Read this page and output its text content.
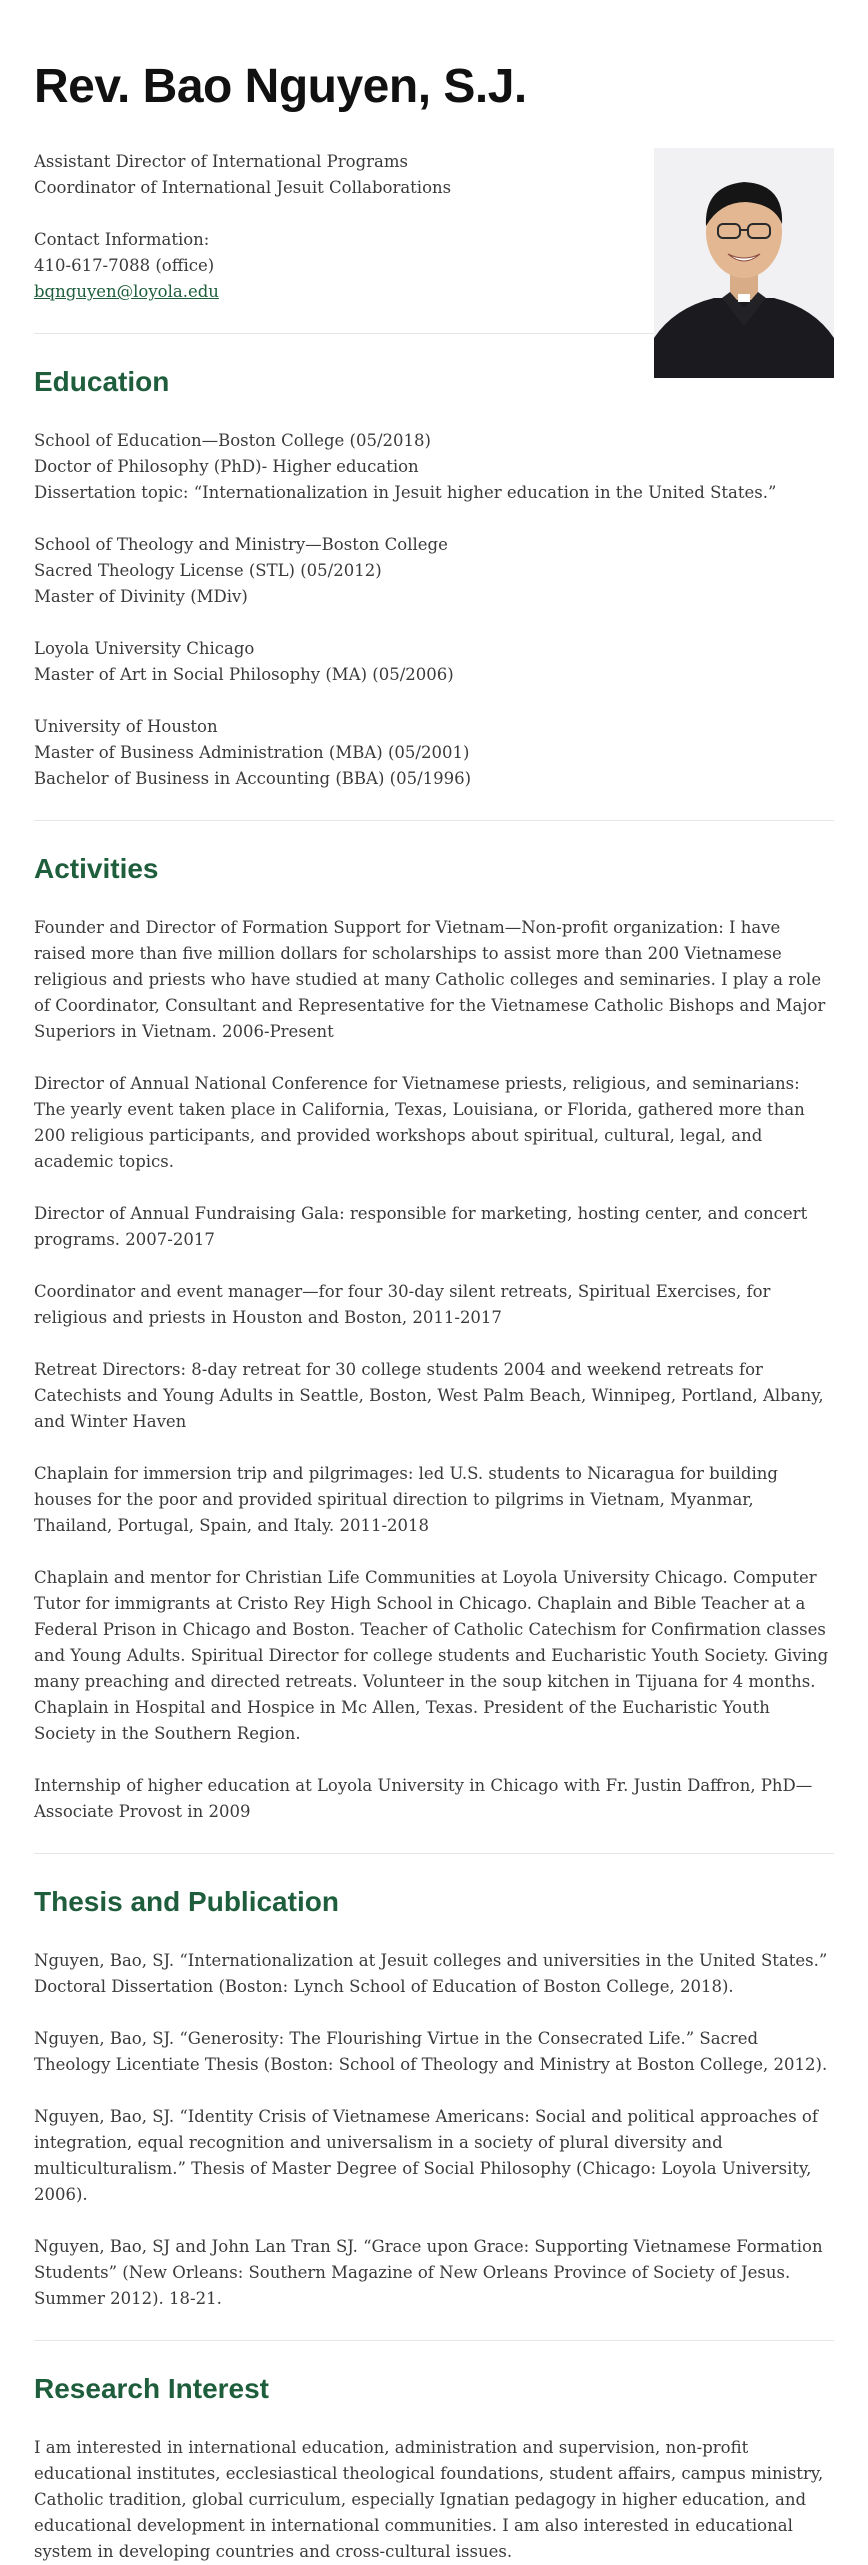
Rev. Bao Nguyen, S.J.

Assistant Director of International Programs

Coordinator of International Jesuit Collaborations

Contact Information:

410-617-7088 (office)

bqnguyen@loyola.edu

Education

School of Education—Boston College (05/2018)

Doctor of Philosophy (PhD)- Higher education

Dissertation topic: “Internationalization in Jesuit higher education in the United States.”

School of Theology and Ministry—Boston College

Sacred Theology License (STL) (05/2012)

Master of Divinity (MDiv)

Loyola University Chicago

Master of Art in Social Philosophy (MA) (05/2006)

University of Houston

Master of Business Administration (MBA) (05/2001)

Bachelor of Business in Accounting (BBA) (05/1996)

Activities

Founder and Director of Formation Support for Vietnam—Non-profit organization: I have raised more than five million dollars for scholarships to assist more than 200 Vietnamese religious and priests who have studied at many Catholic colleges and seminaries. I play a role of Coordinator, Consultant and Representative for the Vietnamese Catholic Bishops and Major Superiors in Vietnam. 2006-Present

Director of Annual National Conference for Vietnamese priests, religious, and seminarians: The yearly event taken place in California, Texas, Louisiana, or Florida, gathered more than 200 religious participants, and provided workshops about spiritual, cultural, legal, and academic topics.

Director of Annual Fundraising Gala: responsible for marketing, hosting center, and concert programs. 2007-2017

Coordinator and event manager—for four 30-day silent retreats, Spiritual Exercises, for religious and priests in Houston and Boston, 2011-2017

Retreat Directors: 8-day retreat for 30 college students 2004 and weekend retreats for Catechists and Young Adults in Seattle, Boston, West Palm Beach, Winnipeg, Portland, Albany, and Winter Haven

Chaplain for immersion trip and pilgrimages: led U.S. students to Nicaragua for building houses for the poor and provided spiritual direction to pilgrims in Vietnam, Myanmar, Thailand, Portugal, Spain, and Italy. 2011-2018

Chaplain and mentor for Christian Life Communities at Loyola University Chicago. Computer Tutor for immigrants at Cristo Rey High School in Chicago. Chaplain and Bible Teacher at a Federal Prison in Chicago and Boston. Teacher of Catholic Catechism for Confirmation classes and Young Adults. Spiritual Director for college students and Eucharistic Youth Society. Giving many preaching and directed retreats. Volunteer in the soup kitchen in Tijuana for 4 months. Chaplain in Hospital and Hospice in Mc Allen, Texas. President of the Eucharistic Youth Society in the Southern Region.

Internship of higher education at Loyola University in Chicago with Fr. Justin Daffron, PhD—Associate Provost in 2009

Thesis and Publication

Nguyen, Bao, SJ. “Internationalization at Jesuit colleges and universities in the United States.” Doctoral Dissertation (Boston: Lynch School of Education of Boston College, 2018).

Nguyen, Bao, SJ. “Generosity: The Flourishing Virtue in the Consecrated Life.” Sacred Theology Licentiate Thesis (Boston: School of Theology and Ministry at Boston College, 2012).

Nguyen, Bao, SJ. “Identity Crisis of Vietnamese Americans: Social and political approaches of integration, equal recognition and universalism in a society of plural diversity and multiculturalism.” Thesis of Master Degree of Social Philosophy (Chicago: Loyola University, 2006).

Nguyen, Bao, SJ and John Lan Tran SJ. “Grace upon Grace: Supporting Vietnamese Formation Students” (New Orleans: Southern Magazine of New Orleans Province of Society of Jesus. Summer 2012). 18-21.

Research Interest

I am interested in international education, administration and supervision, non-profit educational institutes, ecclesiastical theological foundations, student affairs, campus ministry, Catholic tradition, global curriculum, especially Ignatian pedagogy in higher education, and educational development in international communities. I am also interested in educational system in developing countries and cross-cultural issues.
